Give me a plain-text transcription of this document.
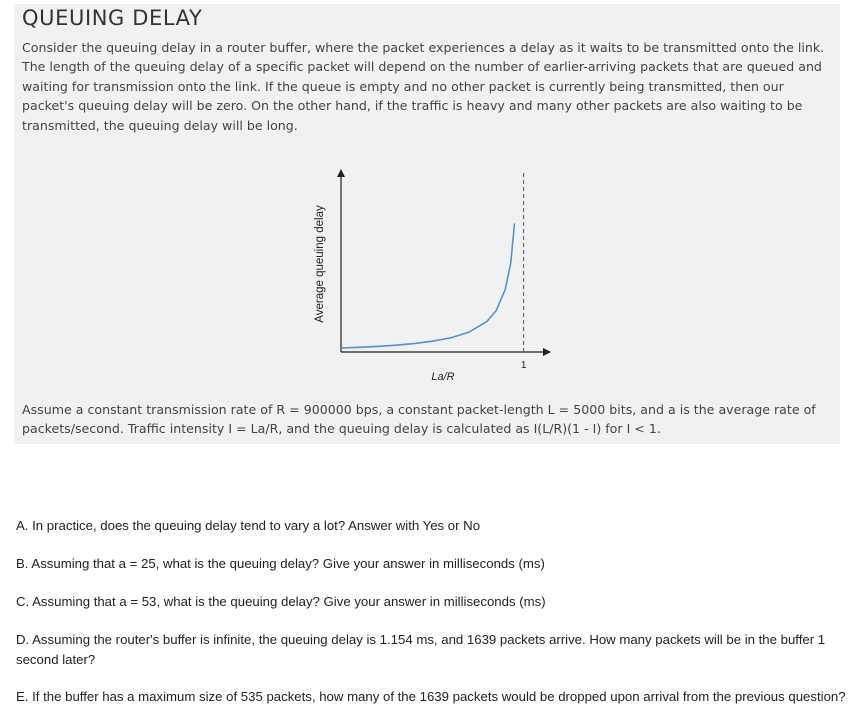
QUEUING DELAY

Consider the queuing delay in a router buffer, where the packet experiences a delay as it waits to be transmitted onto the link. The length of the queuing delay of a specific packet will depend on the number of earlier-arriving packets that are queued and waiting for transmission onto the link. If the queue is empty and no other packet is currently being transmitted, then our packet's queuing delay will be zero. On the other hand, if the traffic is heavy and many other packets are also waiting to be transmitted, the queuing delay will be long.

1
La/R
Average queuing delay

Assume a constant transmission rate of R = 900000 bps, a constant packet-length L = 5000 bits, and a is the average rate of packets/second. Traffic intensity I = La/R, and the queuing delay is calculated as I(L/R)(1 - I) for I < 1.

A. In practice, does the queuing delay tend to vary a lot? Answer with Yes or No

B. Assuming that a = 25, what is the queuing delay? Give your answer in milliseconds (ms)

C. Assuming that a = 53, what is the queuing delay? Give your answer in milliseconds (ms)

D. Assuming the router's buffer is infinite, the queuing delay is 1.154 ms, and 1639 packets arrive. How many packets will be in the buffer 1 second later?

E. If the buffer has a maximum size of 535 packets, how many of the 1639 packets would be dropped upon arrival from the previous question?
